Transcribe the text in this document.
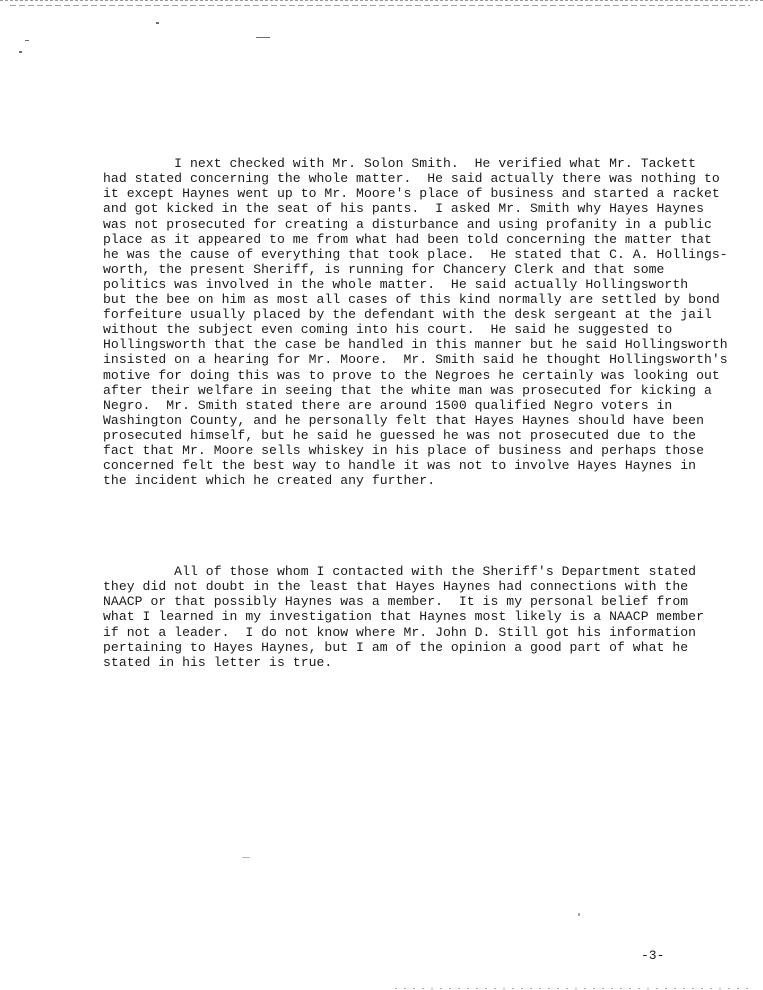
I next checked with Mr. Solon Smith.  He verified what Mr. Tackett
had stated concerning the whole matter.  He said actually there was nothing to
it except Haynes went up to Mr. Moore's place of business and started a racket
and got kicked in the seat of his pants.  I asked Mr. Smith why Hayes Haynes
was not prosecuted for creating a disturbance and using profanity in a public
place as it appeared to me from what had been told concerning the matter that
he was the cause of everything that took place.  He stated that C. A. Hollings-
worth, the present Sheriff, is running for Chancery Clerk and that some
politics was involved in the whole matter.  He said actually Hollingsworth
but the bee on him as most all cases of this kind normally are settled by bond
forfeiture usually placed by the defendant with the desk sergeant at the jail
without the subject even coming into his court.  He said he suggested to
Hollingsworth that the case be handled in this manner but he said Hollingsworth
insisted on a hearing for Mr. Moore.  Mr. Smith said he thought Hollingsworth's
motive for doing this was to prove to the Negroes he certainly was looking out
after their welfare in seeing that the white man was prosecuted for kicking a
Negro.  Mr. Smith stated there are around 1500 qualified Negro voters in
Washington County, and he personally felt that Hayes Haynes should have been
prosecuted himself, but he said he guessed he was not prosecuted due to the
fact that Mr. Moore sells whiskey in his place of business and perhaps those
concerned felt the best way to handle it was not to involve Hayes Haynes in
the incident which he created any further.

All of those whom I contacted with the Sheriff's Department stated
they did not doubt in the least that Hayes Haynes had connections with the
NAACP or that possibly Haynes was a member.  It is my personal belief from
what I learned in my investigation that Haynes most likely is a NAACP member
if not a leader.  I do not know where Mr. John D. Still got his information
pertaining to Hayes Haynes, but I am of the opinion a good part of what he
stated in his letter is true.

-3-
